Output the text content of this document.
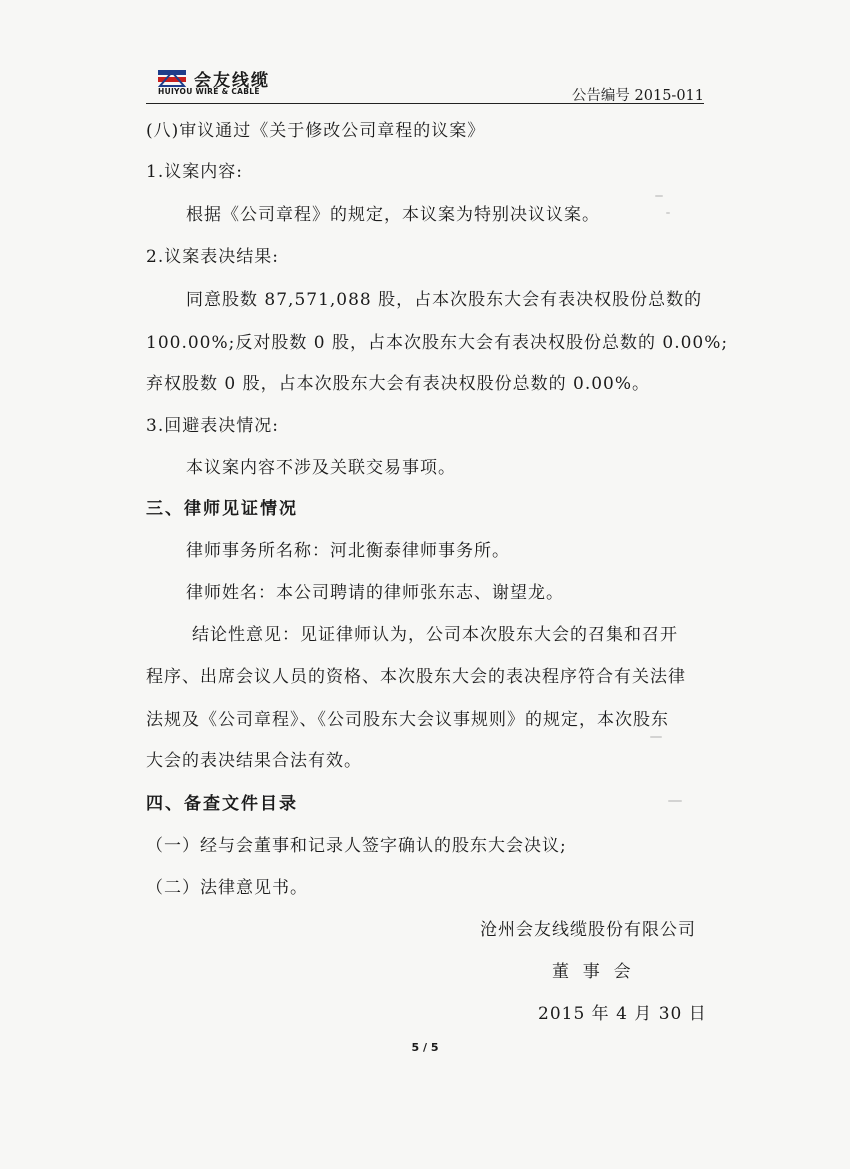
会友线缆
HUIYOU WIRE & CABLE	公告编号 2015-011
(八)审议通过《关于修改公司章程的议案》
1.议案内容:
根据《公司章程》的规定，本议案为特别决议议案。
2.议案表决结果:
同意股数 87,571,088 股，占本次股东大会有表决权股份总数的
100.00%;反对股数 0 股，占本次股东大会有表决权股份总数的 0.00%;
弃权股数 0 股，占本次股东大会有表决权股份总数的 0.00%。
3.回避表决情况:
本议案内容不涉及关联交易事项。
三、律师见证情况
律师事务所名称：河北衡泰律师事务所。
律师姓名：本公司聘请的律师张东志、谢望龙。
结论性意见：见证律师认为，公司本次股东大会的召集和召开
程序、出席会议人员的资格、本次股东大会的表决程序符合有关法律
法规及《公司章程》、《公司股东大会议事规则》的规定，本次股东
大会的表决结果合法有效。
四、备查文件目录
（一）经与会董事和记录人签字确认的股东大会决议;
（二）法律意见书。
沧州会友线缆股份有限公司
董  事  会
2015 年 4 月 30 日
5 / 5
